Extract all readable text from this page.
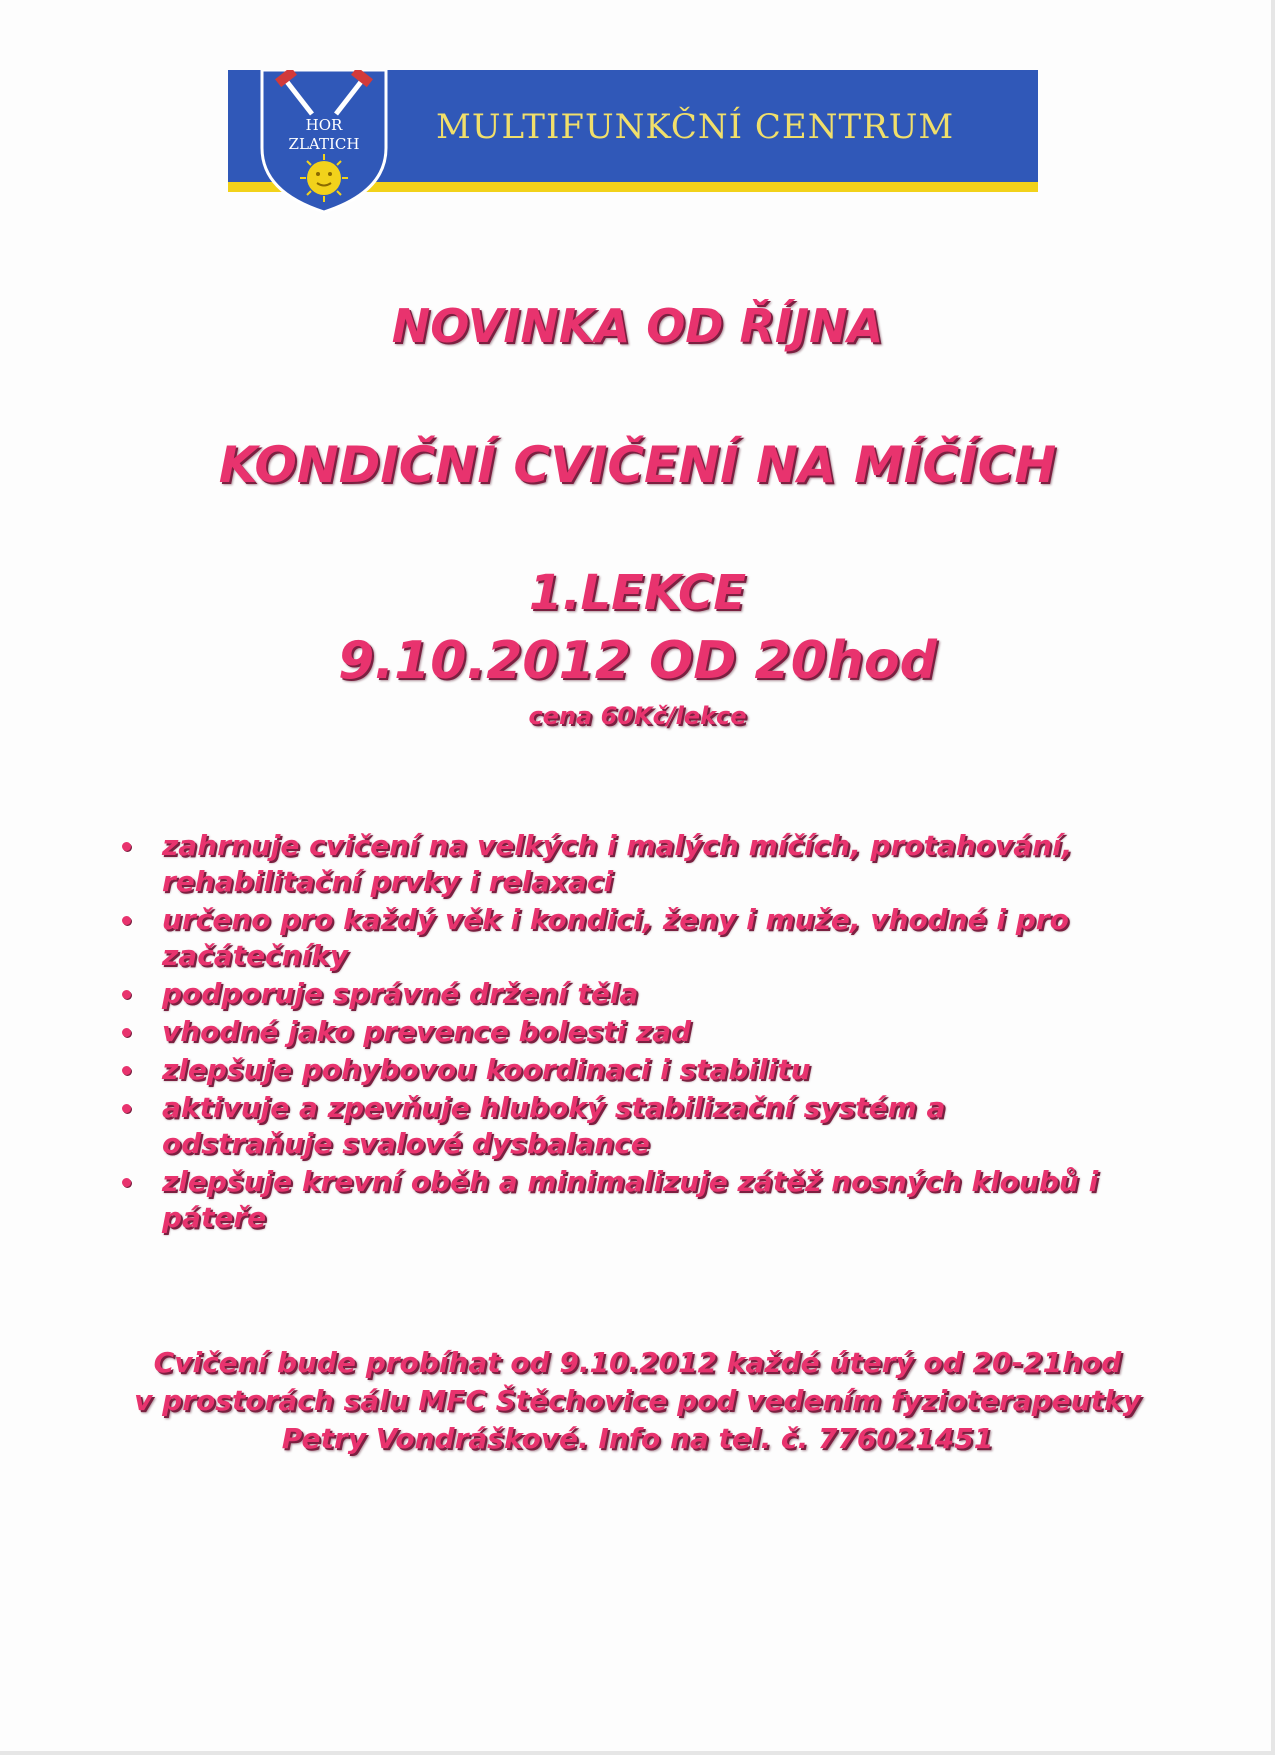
HOR
ZLATICH MULTIFUNKČNÍ CENTRUM
NOVINKA OD ŘÍJNA
KONDIČNÍ CVIČENÍ NA MÍČÍCH
1.LEKCE
9.10.2012 OD 20hod
cena 60Kč/lekce
zahrnuje cvičení na velkých i malých míčích, protahování, rehabilitační prvky i relaxaci
určeno pro každý věk i kondici, ženy i muže, vhodné i pro začátečníky
podporuje správné držení těla
vhodné jako prevence bolesti zad
zlepšuje pohybovou koordinaci i stabilitu
aktivuje a zpevňuje hluboký stabilizační systém a odstraňuje svalové dysbalance
zlepšuje krevní oběh a minimalizuje zátěž nosných kloubů i páteře
Cvičení bude probíhat od 9.10.2012 každé úterý od 20-21hod
v prostorách sálu MFC Štěchovice pod vedením fyzioterapeutky
Petry Vondráškové. Info na tel. č. 776021451
